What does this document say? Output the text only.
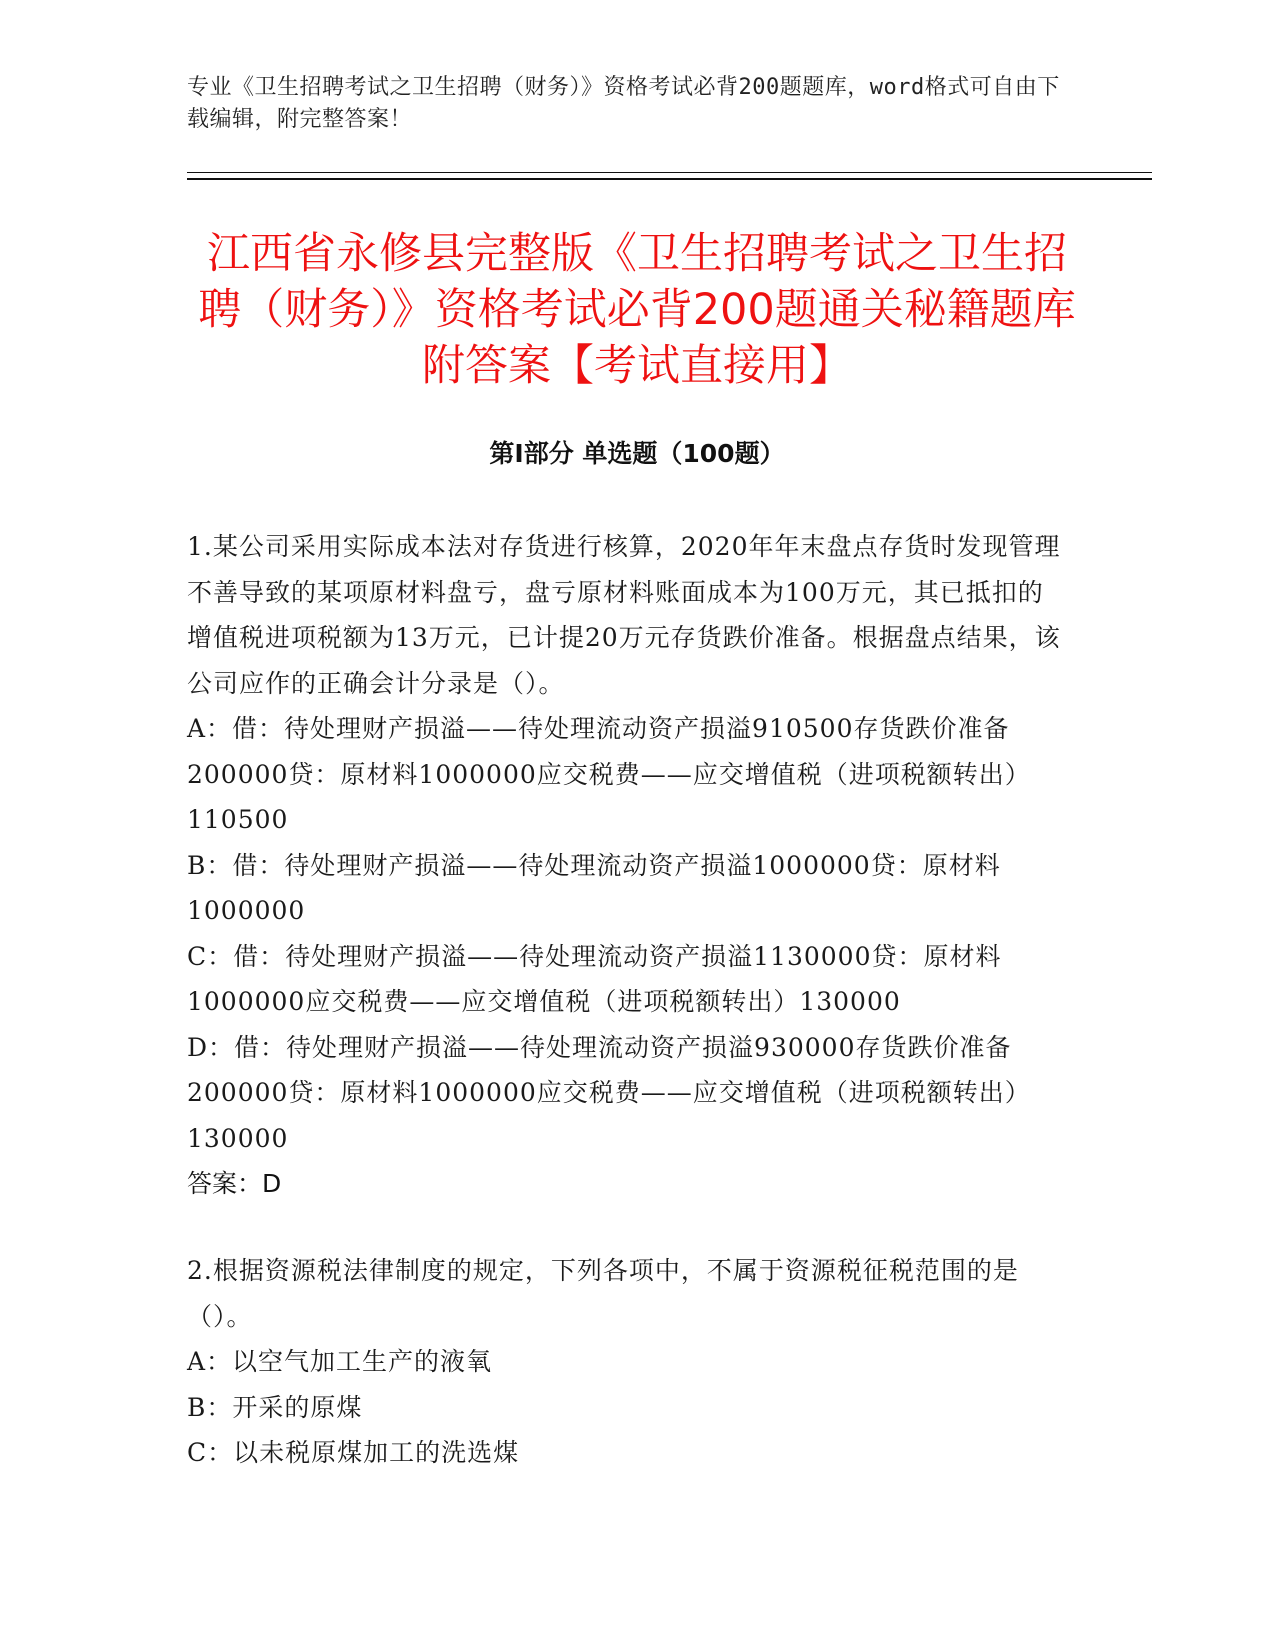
专业《卫生招聘考试之卫生招聘（财务）》资格考试必背200题题库，word格式可自由下载编辑，附完整答案！
江西省永修县完整版《卫生招聘考试之卫生招聘（财务）》资格考试必背200题通关秘籍题库附答案【考试直接用】
第Ⅰ部分 单选题（100题）

1.某公司采用实际成本法对存货进行核算，2020年年末盘点存货时发现管理不善导致的某项原材料盘亏，盘亏原材料账面成本为100万元，其已抵扣的增值税进项税额为13万元，已计提20万元存货跌价准备。根据盘点结果，该公司应作的正确会计分录是（）。

A：借：待处理财产损溢——待处理流动资产损溢910500存货跌价准备200000贷：原材料1000000应交税费——应交增值税（进项税额转出）110500

B：借：待处理财产损溢——待处理流动资产损溢1000000贷：原材料1000000

C：借：待处理财产损溢——待处理流动资产损溢1130000贷：原材料1000000应交税费——应交增值税（进项税额转出）130000

D：借：待处理财产损溢——待处理流动资产损溢930000存货跌价准备200000贷：原材料1000000应交税费——应交增值税（进项税额转出）130000

答案：D

2.根据资源税法律制度的规定，下列各项中，不属于资源税征税范围的是（）。

A：以空气加工生产的液氧

B：开采的原煤

C：以未税原煤加工的洗选煤
